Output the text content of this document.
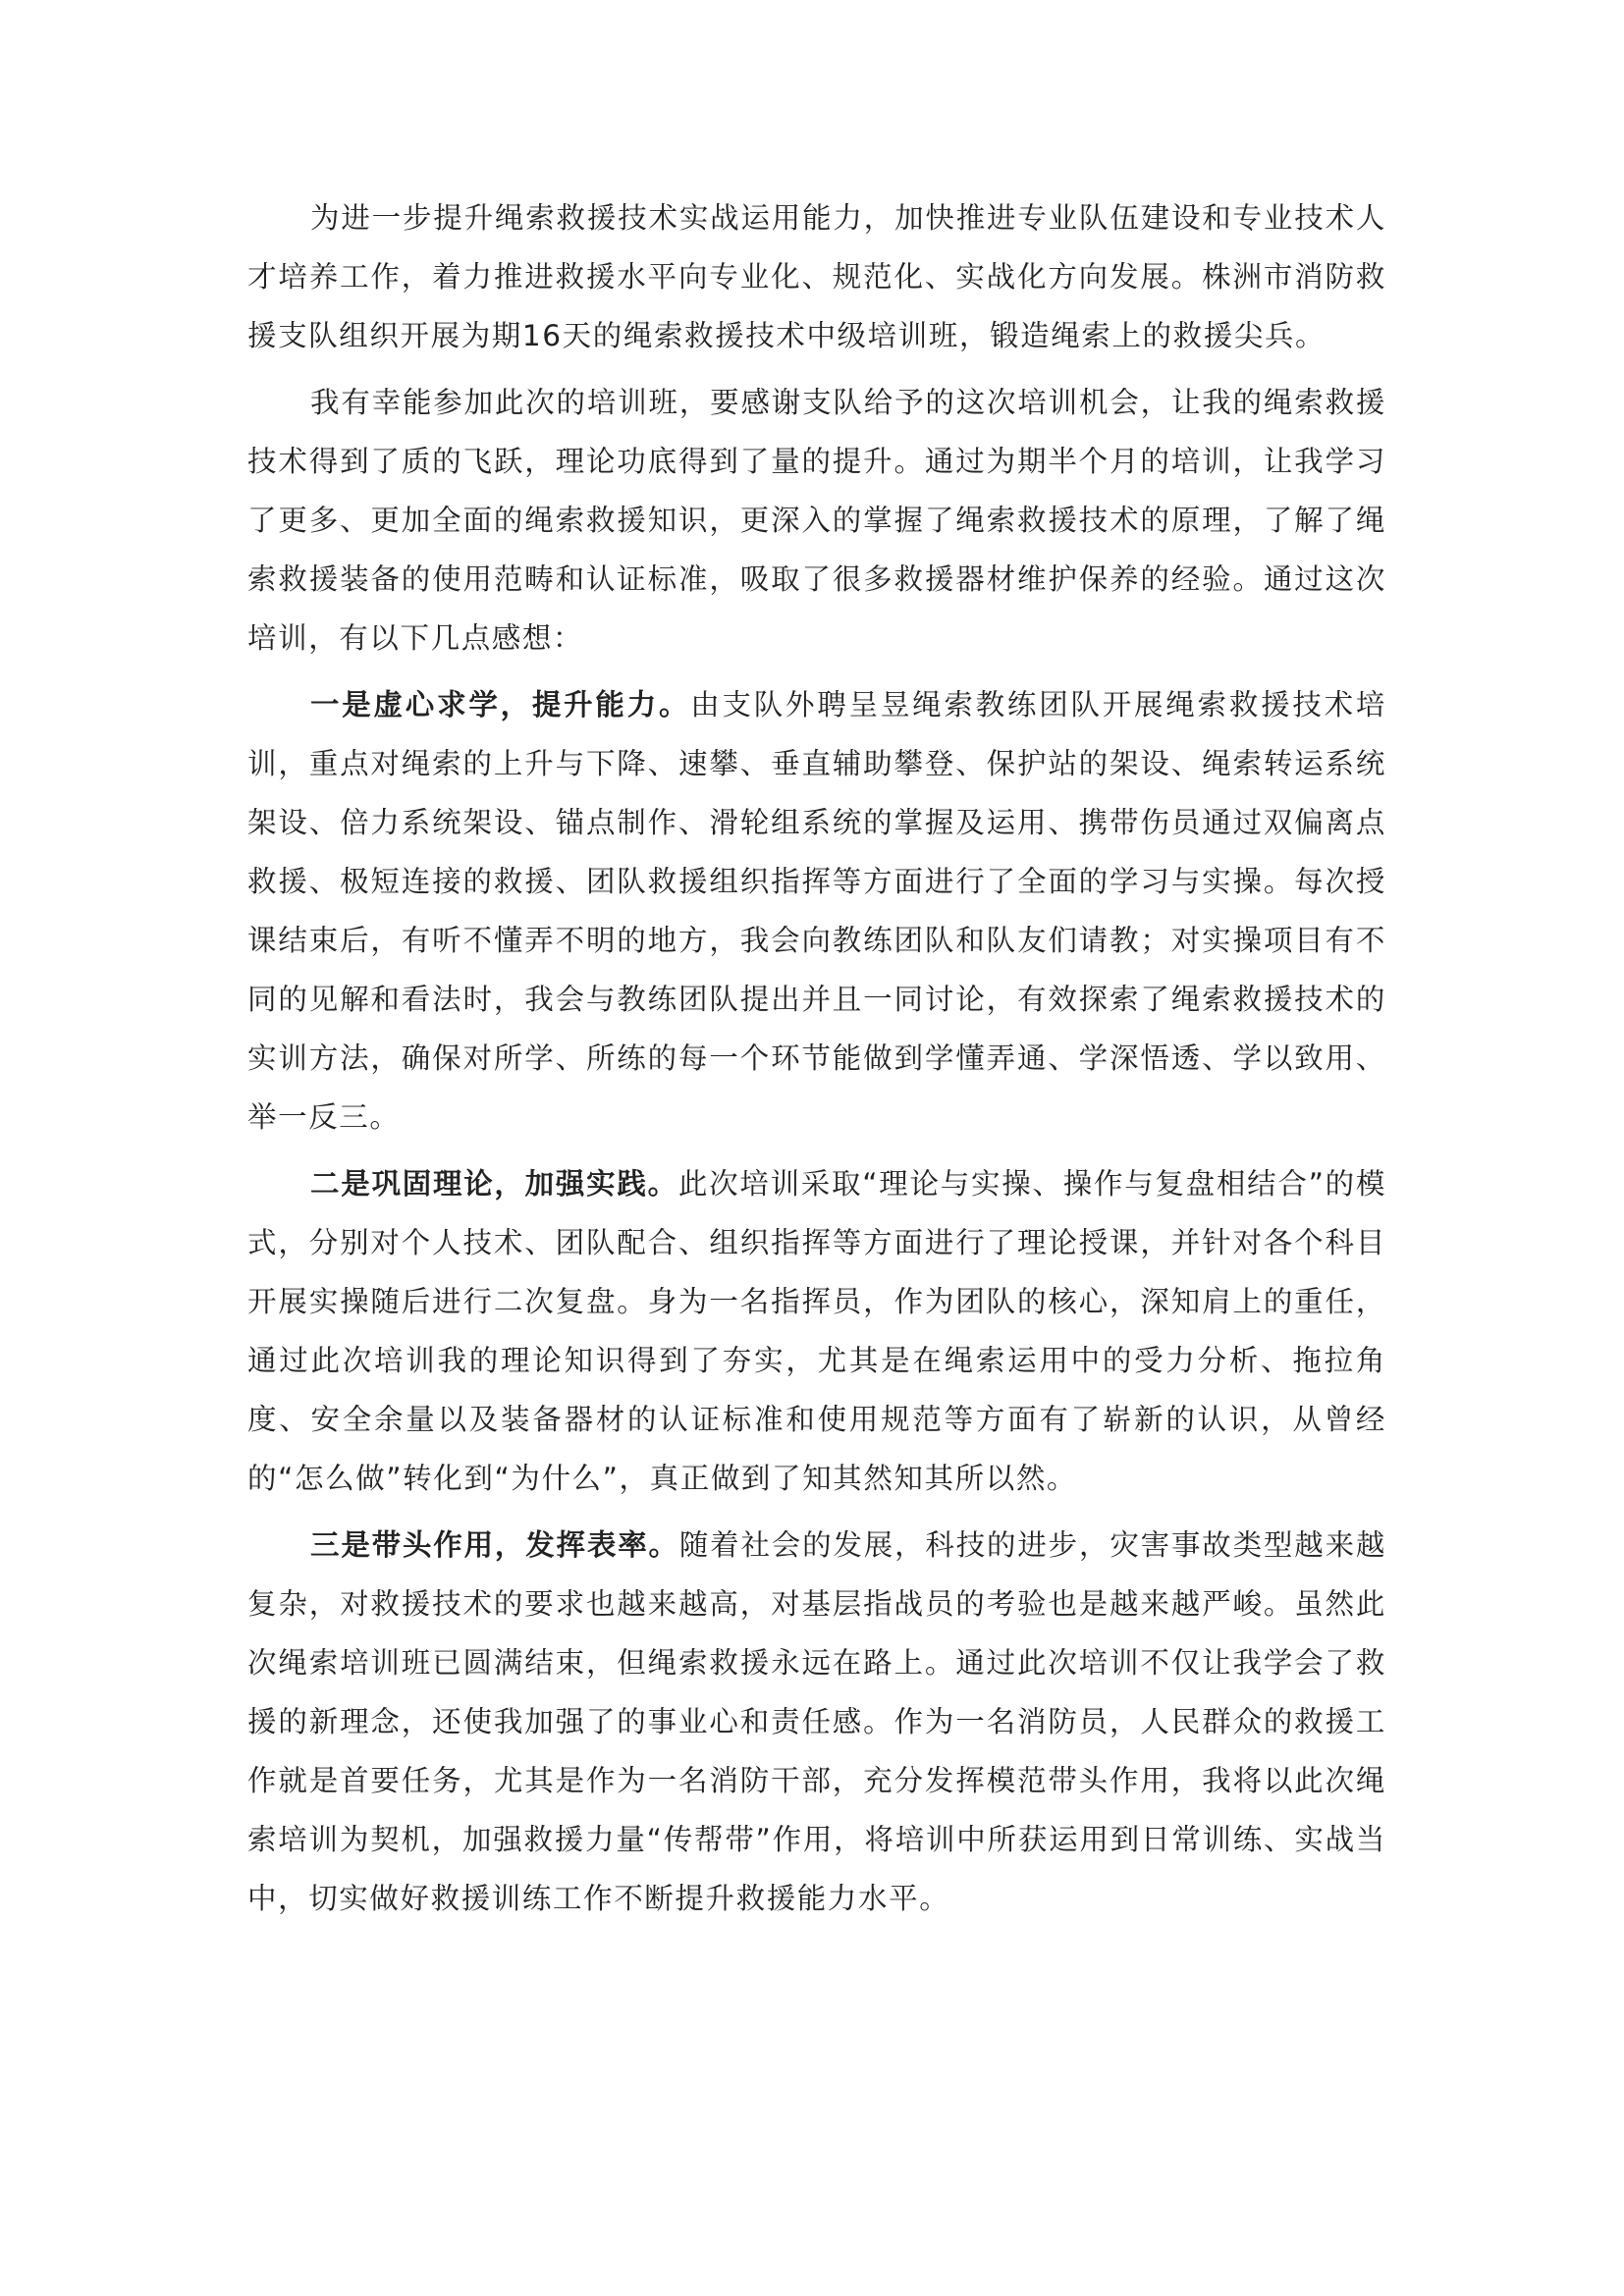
为进一步提升绳索救援技术实战运用能力，加快推进专业队伍建设和专业技术人才培养工作，着力推进救援水平向专业化、规范化、实战化方向发展。株洲市消防救援支队组织开展为期16天的绳索救援技术中级培训班，锻造绳索上的救援尖兵。

我有幸能参加此次的培训班，要感谢支队给予的这次培训机会，让我的绳索救援技术得到了质的飞跃，理论功底得到了量的提升。通过为期半个月的培训，让我学习了更多、更加全面的绳索救援知识，更深入的掌握了绳索救援技术的原理，了解了绳索救援装备的使用范畴和认证标准，吸取了很多救援器材维护保养的经验。通过这次培训，有以下几点感想：

一是虚心求学，提升能力。由支队外聘呈昱绳索教练团队开展绳索救援技术培训，重点对绳索的上升与下降、速攀、垂直辅助攀登、保护站的架设、绳索转运系统架设、倍力系统架设、锚点制作、滑轮组系统的掌握及运用、携带伤员通过双偏离点救援、极短连接的救援、团队救援组织指挥等方面进行了全面的学习与实操。每次授课结束后，有听不懂弄不明的地方，我会向教练团队和队友们请教；对实操项目有不同的见解和看法时，我会与教练团队提出并且一同讨论，有效探索了绳索救援技术的实训方法，确保对所学、所练的每一个环节能做到学懂弄通、学深悟透、学以致用、举一反三。

二是巩固理论，加强实践。此次培训采取“理论与实操、操作与复盘相结合”的模式，分别对个人技术、团队配合、组织指挥等方面进行了理论授课，并针对各个科目开展实操随后进行二次复盘。身为一名指挥员，作为团队的核心，深知肩上的重任，通过此次培训我的理论知识得到了夯实，尤其是在绳索运用中的受力分析、拖拉角度、安全余量以及装备器材的认证标准和使用规范等方面有了崭新的认识，从曾经的“怎么做”转化到“为什么”，真正做到了知其然知其所以然。

三是带头作用，发挥表率。随着社会的发展，科技的进步，灾害事故类型越来越复杂，对救援技术的要求也越来越高，对基层指战员的考验也是越来越严峻。虽然此次绳索培训班已圆满结束，但绳索救援永远在路上。通过此次培训不仅让我学会了救援的新理念，还使我加强了的事业心和责任感。作为一名消防员，人民群众的救援工作就是首要任务，尤其是作为一名消防干部，充分发挥模范带头作用，我将以此次绳索培训为契机，加强救援力量“传帮带”作用，将培训中所获运用到日常训练、实战当中，切实做好救援训练工作不断提升救援能力水平。
